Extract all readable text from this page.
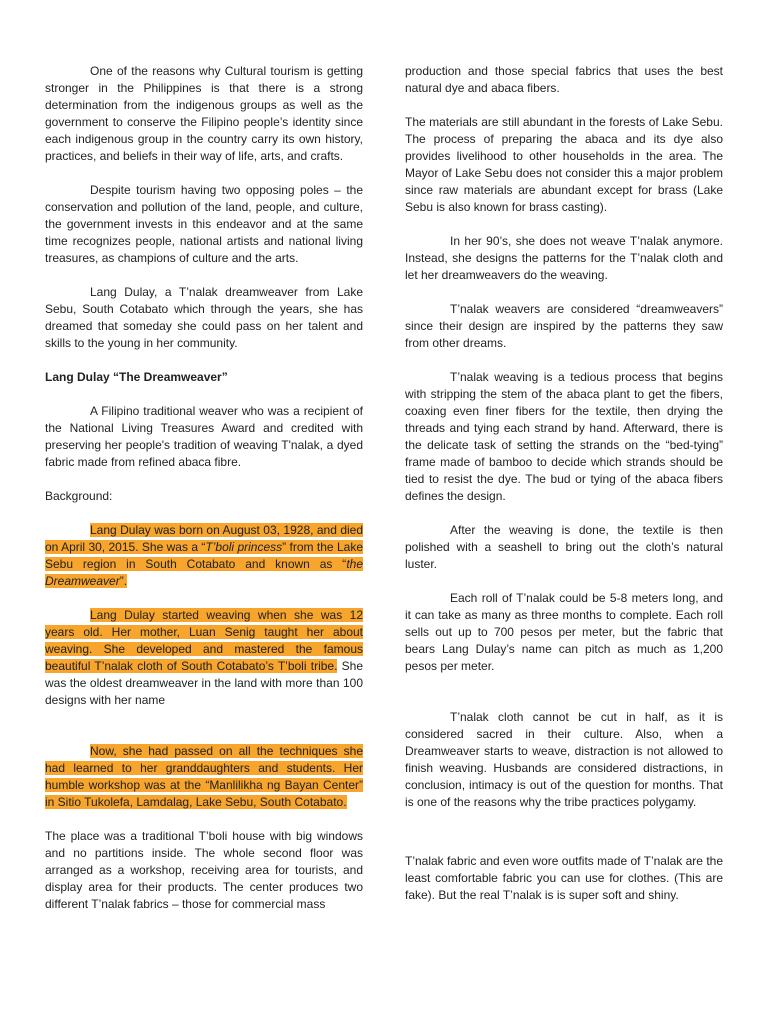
One of the reasons why Cultural tourism is getting stronger in the Philippines is that there is a strong determination from the indigenous groups as well as the government to conserve the Filipino people’s identity since each indigenous group in the country carry its own history, practices, and beliefs in their way of life, arts, and crafts.

Despite tourism having two opposing poles – the conservation and pollution of the land, people, and culture, the government invests in this endeavor and at the same time recognizes people, national artists and national living treasures, as champions of culture and the arts.

Lang Dulay, a T’nalak dreamweaver from Lake Sebu, South Cotabato which through the years, she has dreamed that someday she could pass on her talent and skills to the young in her community.

Lang Dulay “The Dreamweaver”

A Filipino traditional weaver who was a recipient of the National Living Treasures Award and credited with preserving her people's tradition of weaving T'nalak, a dyed fabric made from refined abaca fibre.

Background:

Lang Dulay was born on August 03, 1928, and died on April 30, 2015. She was a “T’boli princess” from the Lake Sebu region in South Cotabato and known as “the Dreamweaver”.

Lang Dulay started weaving when she was 12 years old. Her mother, Luan Senig taught her about weaving. She developed and mastered the famous beautiful T’nalak cloth of South Cotabato’s T’boli tribe. She was the oldest dreamweaver in the land with more than 100 designs with her name

Now, she had passed on all the techniques she had learned to her granddaughters and students. Her humble workshop was at the “Manlilikha ng Bayan Center” in Sitio Tukolefa, Lamdalag, Lake Sebu, South Cotabato.

The place was a traditional T’boli house with big windows and no partitions inside. The whole second floor was arranged as a workshop, receiving area for tourists, and display area for their products. The center produces two different T’nalak fabrics – those for commercial mass

production and those special fabrics that uses the best natural dye and abaca fibers.

The materials are still abundant in the forests of Lake Sebu. The process of preparing the abaca and its dye also provides livelihood to other households in the area. The Mayor of Lake Sebu does not consider this a major problem since raw materials are abundant except for brass (Lake Sebu is also known for brass casting).

In her 90’s, she does not weave T’nalak anymore. Instead, she designs the patterns for the T’nalak cloth and let her dreamweavers do the weaving.

T’nalak weavers are considered “dreamweavers” since their design are inspired by the patterns they saw from other dreams.

T’nalak weaving is a tedious process that begins with stripping the stem of the abaca plant to get the fibers, coaxing even finer fibers for the textile, then drying the threads and tying each strand by hand. Afterward, there is the delicate task of setting the strands on the “bed-tying” frame made of bamboo to decide which strands should be tied to resist the dye. The bud or tying of the abaca fibers defines the design.

After the weaving is done, the textile is then polished with a seashell to bring out the cloth’s natural luster.

Each roll of T’nalak could be 5-8 meters long, and it can take as many as three months to complete. Each roll sells out up to 700 pesos per meter, but the fabric that bears Lang Dulay’s name can pitch as much as 1,200 pesos per meter.

T’nalak cloth cannot be cut in half, as it is considered sacred in their culture. Also, when a Dreamweaver starts to weave, distraction is not allowed to finish weaving. Husbands are considered distractions, in conclusion, intimacy is out of the question for months. That is one of the reasons why the tribe practices polygamy.

T’nalak fabric and even wore outfits made of T’nalak are the least comfortable fabric you can use for clothes. (This are fake). But the real T’nalak is is super soft and shiny.
